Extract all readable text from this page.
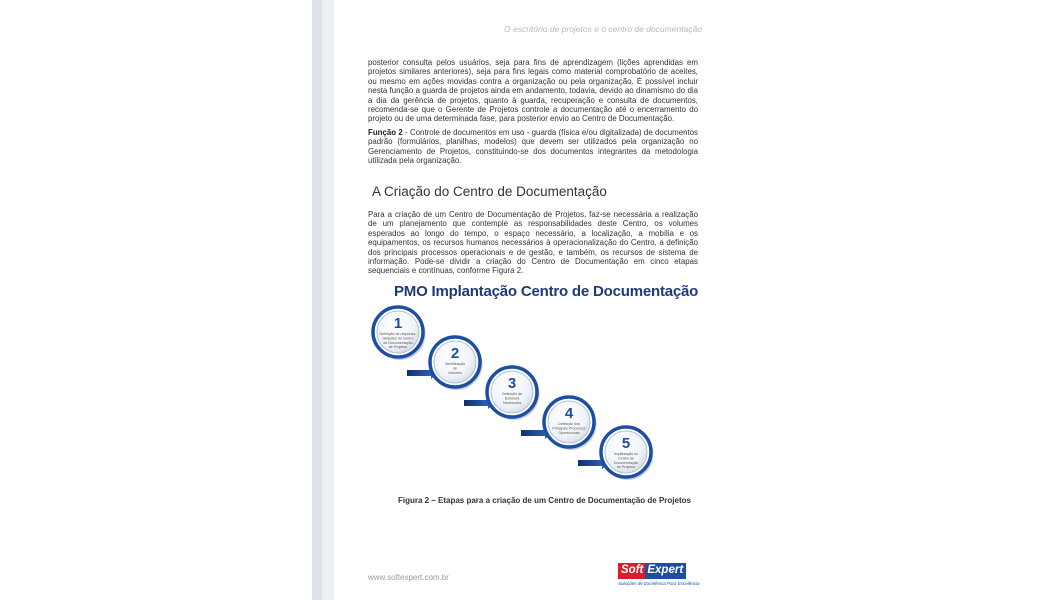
O escritório de projetos e o centro de documentação

posterior consulta pelos usuários, seja para fins de aprendizagem (lições aprendidas em projetos similares anteriores), seja para fins legais como material comprobatório de aceites, ou mesmo em ações movidas contra a organização ou pela organização. É possível incluir nesta função a guarda de projetos ainda em andamento, todavia, devido ao dinamismo do dia a dia da gerência de projetos, quanto à guarda, recuperação e consulta de documentos, recomenda-se que o Gerente de Projetos controle a documentação até o encerramento do projeto ou de uma determinada fase, para posterior envio ao Centro de Documentação.

Função 2 - Controle de documentos em uso - guarda (física e/ou digitalizada) de documentos padrão (formulários, planilhas, modelos) que devem ser utilizados pela organização no Gerenciamento de Projetos, constituindo-se dos documentos integrantes da metodologia utilizada pela organização.

A Criação do Centro de Documentação

Para a criação de um Centro de Documentação de Projetos, faz-se necessária a realização de um planejamento que contemple as responsabilidades deste Centro, os volumes esperados ao longo do tempo, o espaço necessário, a localização, a mobília e os equipamentos, os recursos humanos necessários à operacionalização do Centro, a definição dos principais processos operacionais e de gestão, e também, os recursos de sistema de informação. Pode-se dividir a criação do Centro de Documentação em cinco etapas sequenciais e contínuas, conforme Figura 2.

PMO Implantação Centro de Documentação
1
Definição de responsa-
bilidades do Centro
de Documentação
de Projetos	2
Identificação
de
Volumes
3
Definição de
Estrutura
Necessária
4
Definição dos
Principais Processos
Operacionais
5
Implantação do
Centro de
Documentação
de Projetos
Figura 2 – Etapas para a criação de um Centro de Documentação de Projetos
www.softexpert.com.br
Soft Expert
Soluções de Excelência Para Excelência
